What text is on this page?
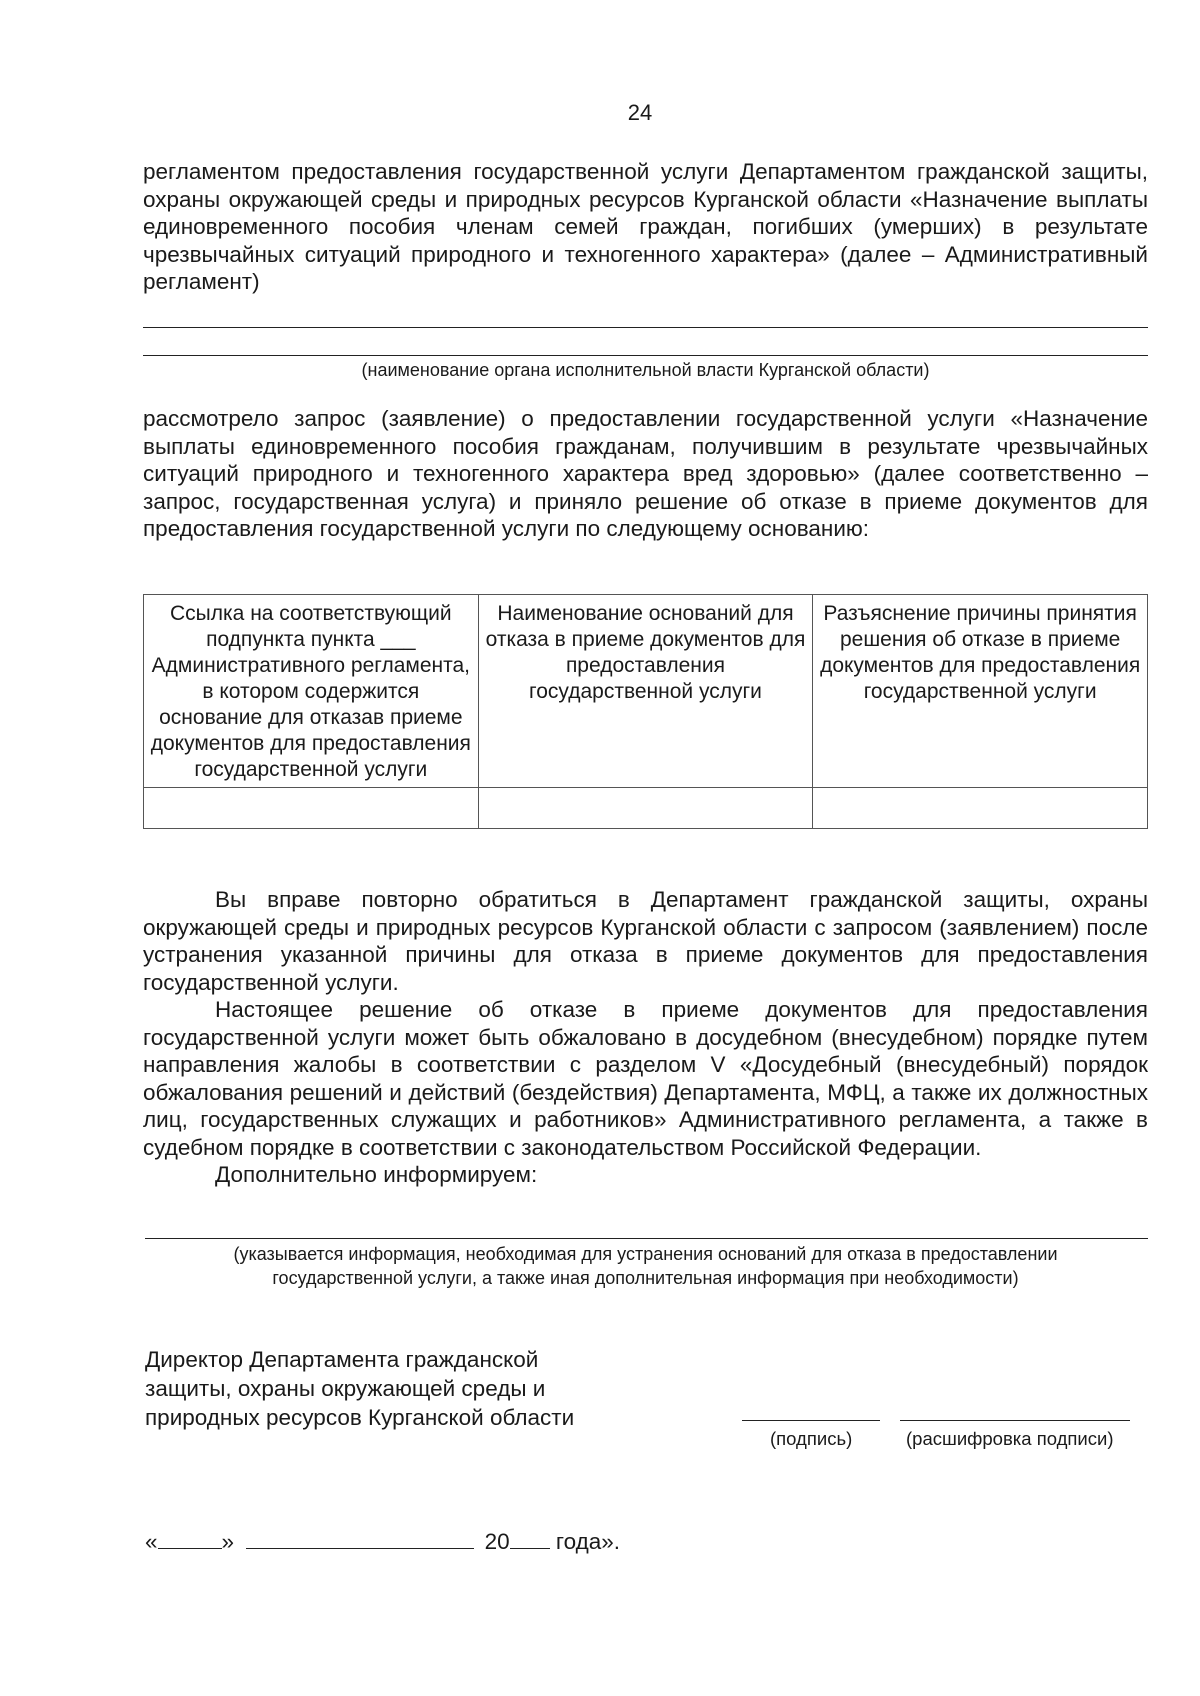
24

регламентом предоставления государственной услуги Департаментом гражданской защиты, охраны окружающей среды и природных ресурсов Курганской области «Назначение выплаты единовременного пособия членам семей граждан, погибших (умерших) в результате чрезвычайных ситуаций природного и техногенного характера» (далее – Административный регламент)

(наименование органа исполнительной власти Курганской области)

рассмотрело запрос (заявление) о предоставлении государственной услуги «Назначение выплаты единовременного пособия гражданам, получившим в результате чрезвычайных ситуаций природного и техногенного характера вред здоровью» (далее соответственно – запрос, государственная услуга) и приняло решение об отказе в приеме документов для предоставления государственной услуги по следующему основанию:

Ссылка на соответствующий подпункта пункта ___ Административного регламента, в котором содержится основание для отказав приеме документов для предоставления государственной услуги	Наименование оснований для отказа в приеме документов для предоставления государственной услуги	Разъяснение причины принятия решения об отказе в приеме документов для предоставления государственной услуги

Вы вправе повторно обратиться в Департамент гражданской защиты, охраны окружающей среды и природных ресурсов Курганской области с запросом (заявлением) после устранения указанной причины для отказа в приеме документов для предоставления государственной услуги.

Настоящее решение об отказе в приеме документов для предоставления государственной услуги может быть обжаловано в досудебном (внесудебном) порядке путем направления жалобы в соответствии с разделом V «Досудебный (внесудебный) порядок обжалования решений и действий (бездействия) Департамента, МФЦ, а также их должностных лиц, государственных служащих и работников» Административного регламента, а также в судебном порядке в соответствии с законодательством Российской Федерации.

Дополнительно информируем:

(указывается информация, необходимая для устранения оснований для отказа в предоставлении
государственной услуги, а также иная дополнительная информация при необходимости)
Директор Департамента гражданской
защиты, охраны окружающей среды и
природных ресурсов Курганской области
(подпись)	(расшифровка подписи)
«	»	20 года».
